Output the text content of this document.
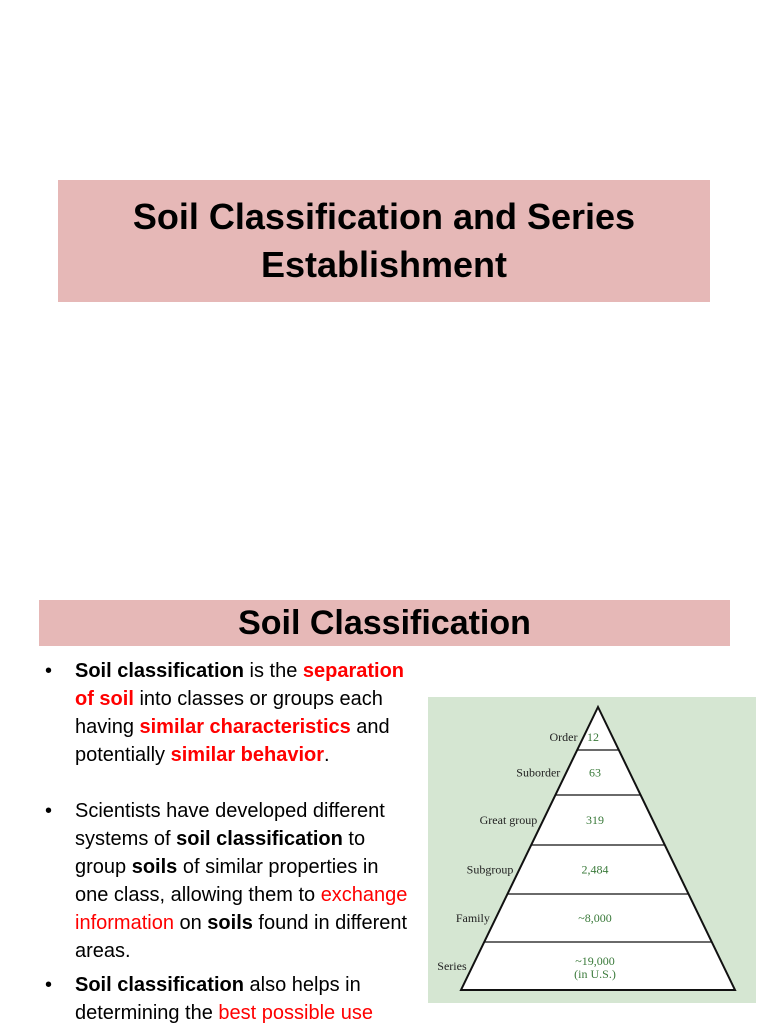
Soil Classification and Series Establishment
Soil Classification
• Soil classification is the separation of soil into classes or groups each having similar characteristics and potentially similar behavior.
• Scientists have developed different systems of soil classification to group soils of similar properties in one class, allowing them to exchange information on soils found in different areas.
• Soil classification also helps in determining the best possible use
Order 12
Suborder 63
Great group	319
Subgroup	2,484
Family	~8,000
Series	~19,000
(in U.S.)
